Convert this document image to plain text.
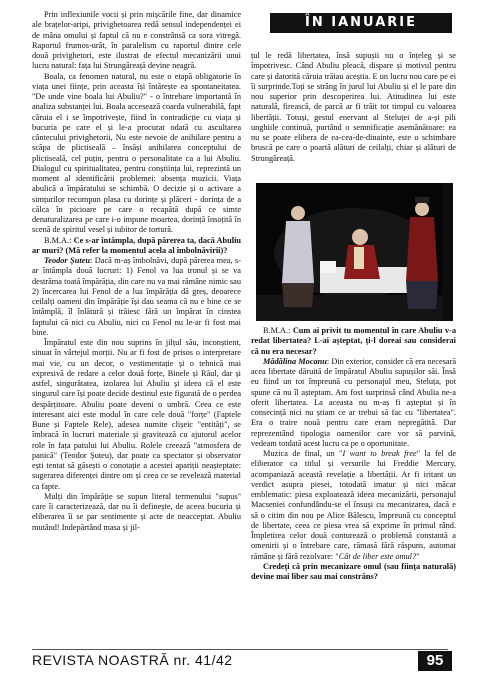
Prin inflexiunile vocii și prin mișcările fine, dar dinamice ale brațelor-aripi, privighetoarea redă sensul independenței ei de mâna omului și faptul că nu e constrânsă ca sora vitregă. Raportul frumos-urât, în paralelism cu raportul dintre cele două privighetori, este ilustrat de efectul mecanizării unui lucru natural: fața lui Strungăreață devine neagră.

Boala, ca fenomen natural, nu este o etapă obligatorie în viața unei ființe, prin aceasta își întărește ea spontaneitatea. "De unde vine boala lui Abuliu?" - o întrebare importantă în analiza substanței lui. Boala accesează coarda vulnerabilă, fapt căruia el i se împotrivește, fiind în contradicție cu viața și bucuria pe care el și le-a procurat odată cu ascultarea cântecului privighetorii, Nu este nevoie de anihilare pentru a scăpa de plictiseală – însăși anihilarea conceptului de plictiseală, cel puțin, pentru o personalitate ca a lui Abuliu. Dialogul cu spiritualitatea, pentru conștiința lui, reprezintă un moment al identificării problemei: absența muzicii. Viața abulică a împăratului se schimbă. O decizie și o activare a simțurilor recompun plasa cu dorințe și plăceri - dorința de a călca în picioare pe care o recapătă după ce simte denaturalizarea pe care i-o impune moartea, dorință însoțită în scenă de spiritul vesel și iubitor de tortură.

B.M.A.: Ce s-ar întâmpla, după părerea ta, dacă Abuliu ar muri? (Mă refer la momentul acela al îmbolnăvirii)?

Teodor Șuteu: Dacă m-aș îmbolnăvi, după părerea mea, s-ar întâmpla două lucruri: 1) Fenol va lua tronul și se va destrăma toată împărăția, din care nu va mai rămâne nimic sau 2) încercarea lui Fenol de a lua împărăția dă greș, deoarece ceilalți oameni din împărăție își dau seama că nu e bine ce se întâmplă, îl înlătură și trăiesc fără un împărat în cinstea faptului că nici cu Abuliu, nici cu Fenol nu le-ar fi fost mai bine.

Împăratul este din nou suprins în jilțul său, inconștient, sinuat în vârtejul morții. Nu ar fi fost de prisos o interpretare mai vie, cu un decor, o vestimentație și o tehnică mai expresivă de redare a celor două forțe, Binele și Răul, dar și astfel, singurătatea, izolarea lui Abuliu și ideea că el este singurul care își poate decide destinul este figurată de o perdea despărțitoare. Abuliu poate deveni o umbră. Ceea ce este interesant aici este modul în care cele două "forțe" (Faptele Bune și Faptele Rele), adesea numite clișeic "entități", se îmbracă în lucruri materiale și gravitează cu ajutorul acelor role în fața patului lui Abuliu. Rolele creează "atmosfera de panică" (Teodor Șuteu), dar poate ca spectator și observator ești tentat să găsești o conotație a acestei apariții neașteptate: sugerarea diferenței dintre om și ceea ce se revelează material ca fapte.

Mulți din împărăție se supun literal termenului "supus" care îi caracterizează, dar nu îi definește, de aceea bucuria și eliberarea îi se par sentimente și acte de neacceptat. Abuliu mutând! Indepărtând masa și jil-

ÎN IANUARIE

țul le redă libertatea, însă supușii nu o înțeleg și se împotrivesc. Când Abuliu pleacă, dispare și motivul pentru care și datorită căruia trăiau aceștia. E un lucru nou care pe ei îi surprinde.Toți se strâng în jurul lui Abuliu și el le pare din nou superior prin descoperirea lui. Atitudinea lui este naturală, firească, de parcă ar fi trăit tot timpul cu valoarea libertății. Totuși, gestul enervant al Steluței de a-și pili unghiile continuă, purtând o semnificație asemănătoare: ea nu se poate elibera de ea-cea-de-dinainte, este o schimbare bruscă pe care o poartă alături de ceilalți, chiar și alături de Strungăreață.

B.M.A.: Cum ai privit tu momentul în care Abuliu v-a redat libertatea? L-ai așteptat, ți-l doreai sau considerai că nu era necesar?

Mădălina Mocanu: Din exterior, consider că era necesară acea libertate dăruită de împăratul Abuliu supușilor săi. Însă eu fiind un tot împreună cu personajul meu, Steluța, pot spune că nu îl așteptam. Am fost surprinsă când Abulia ne-a oferit libertatea. La aceasta nu m-aș fi așteptat și în consecință nici nu știam ce ar trebui să fac cu "libertatea". Era o traire nouă pentru care eram nepregătită. Dar reprezentând tipologia oamenilor care vor să parvină, vedeam totdată acest lucru ca pe o oportunitate.

Muzica de final, un "I want to break free" la fel de eliberator ca titlul și versurile lui Freddie Mercury, acompaniază această revelație a libertății. Ar fi iritant un verdict asupra piesei, totodată imatur și nici măcar emblematic: piesa exploatează ideea mecanizării, personajul Macseniei confundându-se el însuși cu mecanizarea, dacă e să o citim din nou pe Alice Bălescu, împreună cu conceptul de libertate, ceea ce piesa vrea să exprime în primul rând. Împletirea celor două conturează o problemă constantă a omenirii și o întrebare care, rămasă fără răspuns, automat rămâne și fără rezolvare: "Cât de liber este omul?"

Credeți că prin mecanizare omul (sau ființa naturală) devine mai liber sau mai constrâns?

REVISTA NOASTRĂ nr. 41/42	95
